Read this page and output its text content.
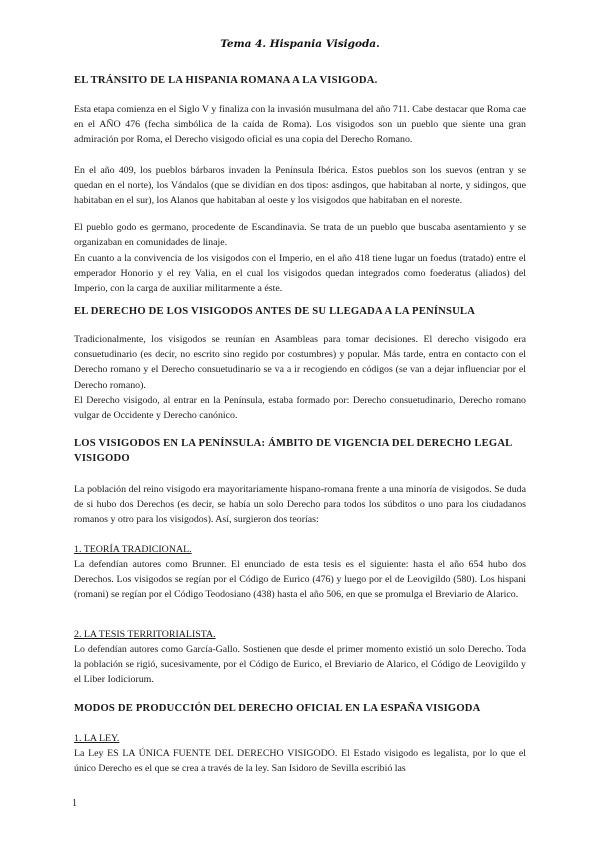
Tema 4. Hispania Visigoda.
EL TRÁNSITO DE LA HISPANIA ROMANA A LA VISIGODA.

Esta etapa comienza en el Siglo V y finaliza con la invasión musulmana del año 711. Cabe destacar que Roma cae en el AÑO 476 (fecha simbólica de la caída de Roma). Los visigodos son un pueblo que siente una gran admiración por Roma, el Derecho visigodo oficial es una copia del Derecho Romano.

En el año 409, los pueblos bárbaros invaden la Península Ibérica. Estos pueblos son los suevos (entran y se quedan en el norte), los Vándalos (que se dividían en dos tipos: asdingos, que habitaban al norte, y sidingos, que habitaban en el sur), los Alanos que habitaban al oeste y los visigodos que habitaban en el noreste.

El pueblo godo es germano, procedente de Escandinavia. Se trata de un pueblo que buscaba asentamiento y se organizaban en comunidades de linaje.

En cuanto a la convivencia de los visigodos con el Imperio, en el año 418 tiene lugar un foedus (tratado) entre el emperador Honorio y el rey Valia, en el cual los visigodos quedan integrados como foederatus (aliados) del Imperio, con la carga de auxiliar militarmente a éste.

EL DERECHO DE LOS VISIGODOS ANTES DE SU LLEGADA A LA PENÍNSULA

Tradicionalmente, los visigodos se reunían en Asambleas para tomar decisiones. El derecho visigodo era consuetudinario (es decir, no escrito sino regido por costumbres) y popular. Más tarde, entra en contacto con el Derecho romano y el Derecho consuetudinario se va a ir recogiendo en códigos (se van a dejar influenciar por el Derecho romano).

El Derecho visigodo, al entrar en la Península, estaba formado por: Derecho consuetudinario, Derecho romano vulgar de Occidente y Derecho canónico.

LOS VISIGODOS EN LA PENÍNSULA: ÁMBITO DE VIGENCIA DEL DERECHO LEGAL VISIGODO

La población del reino visigodo era mayoritariamente hispano-romana frente a una minoría de visigodos. Se duda de si hubo dos Derechos (es decir, se había un solo Derecho para todos los súbditos o uno para los ciudadanos romanos y otro para los visigodos). Así, surgieron dos teorías:

1. TEORÍA TRADICIONAL.

La defendían autores como Brunner. El enunciado de esta tesis es el siguiente: hasta el año 654 hubo dos Derechos. Los visigodos se regían por el Código de Eurico (476) y luego por el de Leovigildo (580). Los hispani (romani) se regían por el Código Teodosiano (438) hasta el año 506, en que se promulga el Breviario de Alarico.

2. LA TESIS TERRITORIALISTA.

Lo defendían autores como García-Gallo. Sostienen que desde el primer momento existió un solo Derecho. Toda la población se rigió, sucesivamente, por el Código de Eurico, el Breviario de Alarico, el Código de Leovigildo y el Liber Iodiciorum.

MODOS DE PRODUCCIÓN DEL DERECHO OFICIAL EN LA ESPAÑA VISIGODA
1. LA LEY.

La Ley ES LA ÚNICA FUENTE DEL DERECHO VISIGODO. El Estado visigodo es legalista, por lo que el único Derecho es el que se crea a través de la ley. San Isidoro de Sevilla escribió las

1
